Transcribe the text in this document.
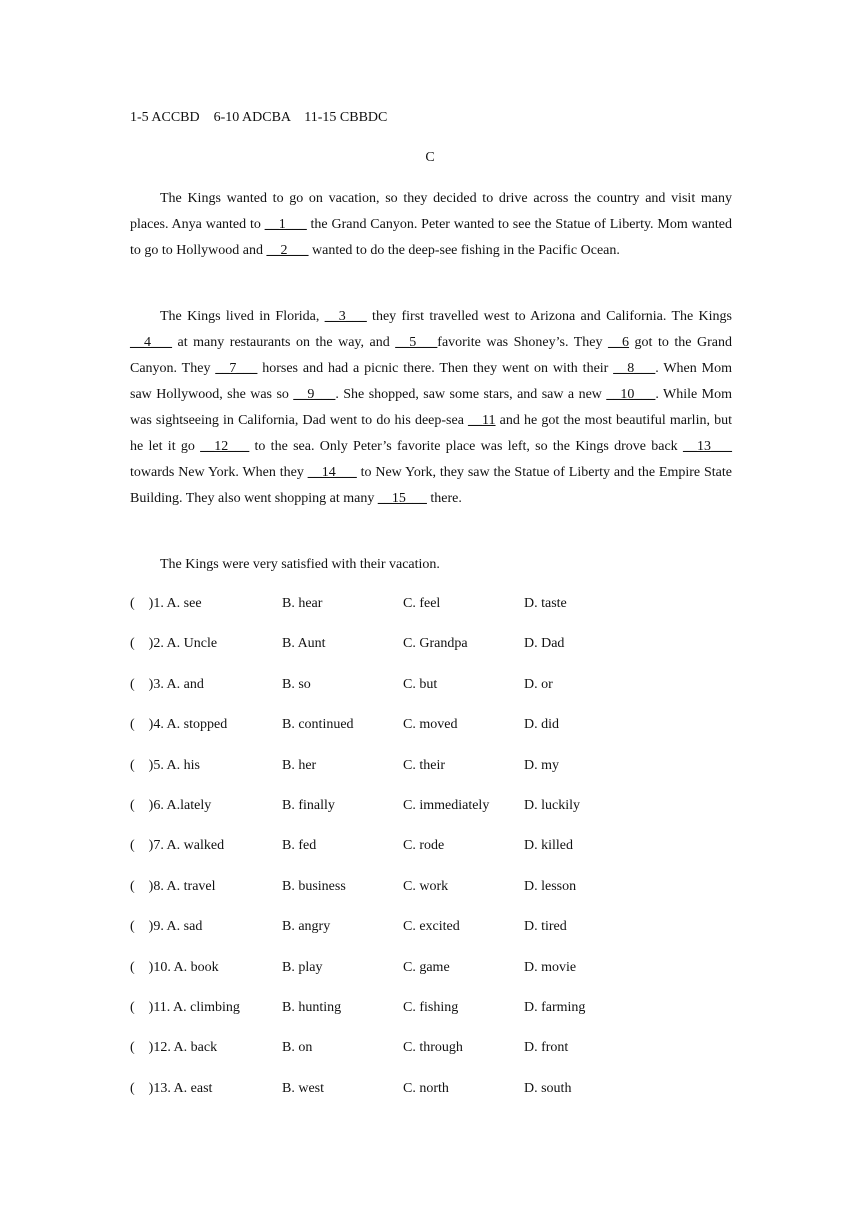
1-5 ACCBD    6-10 ADCBA    11-15 CBBDC
C

The Kings wanted to go on vacation, so they decided to drive across the country and visit many places. Anya wanted to __1___ the Grand Canyon. Peter wanted to see the Statue of Liberty. Mom wanted to go to Hollywood and __2___ wanted to do the deep-see fishing in the Pacific Ocean.

The Kings lived in Florida, __3___ they first travelled west to Arizona and California. The Kings __4___ at many restaurants on the way, and __5___favorite was Shoney’s. They __6 got to the Grand Canyon. They __7___ horses and had a picnic there. Then they went on with their __8___. When Mom saw Hollywood, she was so __9___. She shopped, saw some stars, and saw a new __10___. While Mom was sightseeing in California, Dad went to do his deep-sea __11 and he got the most beautiful marlin, but he let it go __12___ to the sea. Only Peter’s favorite place was left, so the Kings drove back __13___ towards New York. When they __14___ to New York, they saw the Statue of Liberty and the Empire State Building. They also went shopping at many __15___ there.

The Kings were very satisfied with their vacation.

(    )1. A. see	B. hear	C. feel	D. taste
(    )2. A. Uncle	B. Aunt	C. Grandpa	D. Dad
(    )3. A. and	B. so	C. but	D. or
(    )4. A. stopped	B. continued	C. moved	D. did
(    )5. A. his	B. her	C. their	D. my
(    )6. A.lately	B. finally	C. immediately D. luckily
(    )7. A. walked	B. fed	C. rode	D. killed
(    )8. A. travel	B. business	C. work	D. lesson
(    )9. A. sad	B. angry	C. excited	D. tired
(    )10. A. book	B. play	C. game	D. movie
(    )11. A. climbing	B. hunting	C. fishing	D. farming
(    )12. A. back	B. on	C. through	D. front
(    )13. A. east	B. west	C. north	D. south
